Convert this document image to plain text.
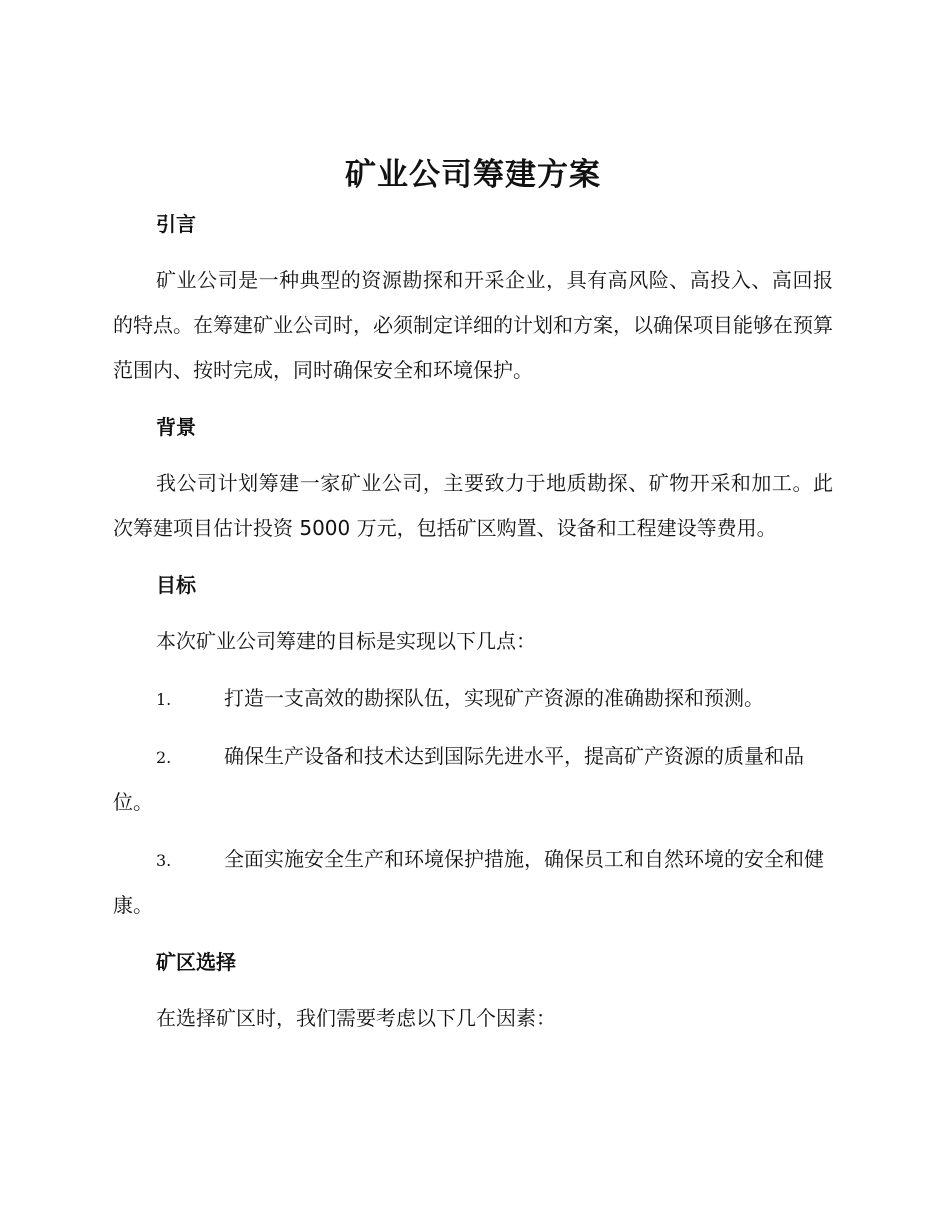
矿业公司筹建方案
引言

矿业公司是一种典型的资源勘探和开采企业，具有高风险、高投入、高回报的特点。在筹建矿业公司时，必须制定详细的计划和方案，以确保项目能够在预算范围内、按时完成，同时确保安全和环境保护。

背景

我公司计划筹建一家矿业公司，主要致力于地质勘探、矿物开采和加工。此次筹建项目估计投资 5000 万元，包括矿区购置、设备和工程建设等费用。

目标

本次矿业公司筹建的目标是实现以下几点：

1.	打造一支高效的勘探队伍，实现矿产资源的准确勘探和预测。

2.	确保生产设备和技术达到国际先进水平，提高矿产资源的质量和品位。

3.	全面实施安全生产和环境保护措施，确保员工和自然环境的安全和健康。

矿区选择

在选择矿区时，我们需要考虑以下几个因素：
